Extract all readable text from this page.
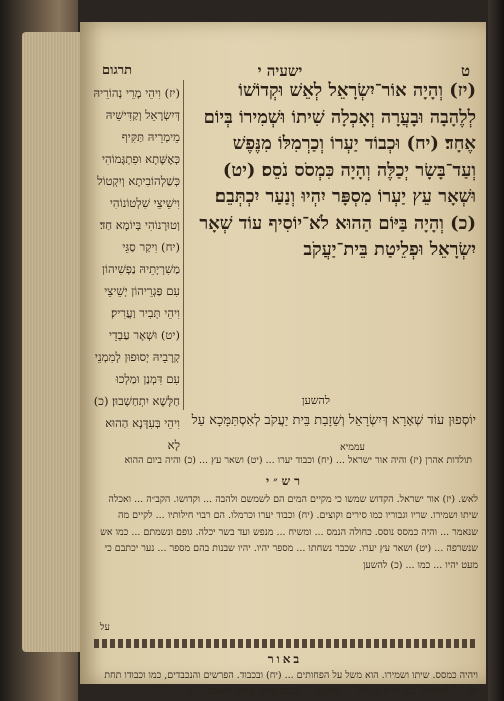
תרגום	ישעיה י	ט
(יז) וִיהֵי מָרֵי נְהוֹרֵיהּ דְּיִשְׂרָאֵל וְקַדִּישֵׁיהּ מֵימְרֵיהּ תַּקִּיף כְּאֶשָּׁתָא וּפִתְגָּמוֹהִי כְּשַׁלְהוֹבִיתָא וְיִקְטוֹל וִישֵׁיצֵי שִׁלְטוֹנוֹהִי וְטוּרָנוֹהִי בְּיוֹמָא חַד׃ (יח) וִיקַר סַגֵּי מַשִׁרְיָתֵיהּ נַפְשִׁיהוֹן עִם פַּגְרֵיהוֹן יְשֵׁיצֵי וִיהֵי תְּבִיר וַעֲרִיק׃ (יט) וּשְׁאָר עַבְדֵי קְרָבֵיהּ יְסוּפוּן לְמִמְנֵי עִם דִּמְנַן וּמַלְכוּ חַלָּשָׁא יִתְחַשְׁבוּן׃ (כ) וִיהֵי בְּעִדָּנָא הַהוּא לָא
(יז) וְהָיָה אוֹר־יִשְׂרָאֵל לְאֵשׁ וּקְדוֹשׁוֹ לְלֶהָבָה וּבָעֲרָה וְאָכְלָה שִׁיתוֹ וּשְׁמִירוֹ בְּיוֹם אֶחָד׃ (יח) וּכְבוֹד יַעְרוֹ וְכַרְמִלּוֹ מִנֶּפֶשׁ וְעַד־בָּשָׂר יְכַלֶּה וְהָיָה כִּמְסֹס נֹסֵס׃ (יט) וּשְׁאָר עֵץ יַעְרוֹ מִסְפָּר יִהְיוּ וְנַעַר יִכְתְּבֵם׃ (כ) וְהָיָה בַּיּוֹם הַהוּא לֹא־יוֹסִיף עוֹד שְׁאָר יִשְׂרָאֵל וּפְלֵיטַת בֵּית־יַעֲקֹב
להשען
יוֹסְפוּן עוֹד שְׁאָרָא דְּיִשְׂרָאֵל וְשֵׁזָבַת בֵּית יַעֲקֹב לְאִסְתַּמָּכָא עַל
עממיא
תולדות אהרן (יז) והיה אור ישראל ... (יח) וכבוד יערו ... (יט) ושאר עץ ... (כ) והיה ביום ההוא
רש״י
לאש. (יז) אור ישראל. הקדוש שמשו כי מקיים המים הם לשמשם ולהבה ... וקדושו. הקב״ה ... ואכלה שיתו ושמירו. שריו וגבוריו כמו סירים וקוצים. (יח) וכבוד יערו וכרמלו. הם רבוי חילותיו ... לקיים מה שנאמר ... והיה כמסס נוסס. כחולה הנמס ... ומשיח ... מנפש ועד בשר יכלה. גופם ונשמתם ... כמו אש שנשרפה ... (יט) ושאר עץ יערו. שכבר נשחתו ... מספר יהיו. יהיו שבנות בהם מספר ... נער יכתבם כי מעט יהיו ... כמו ... (כ) להשען
על
באור
ויהיה כמסס. שיתו ושמירו. הוא משל על הפחותים ... (יח) ובכבוד. הפרשים והנכבדים, כמו וכבודו תחת יקד ... והכרמלו, כמו ארץ הכרמל ... והטעם ... כמסס נוסס. נגיפה שיאבד ... כי
